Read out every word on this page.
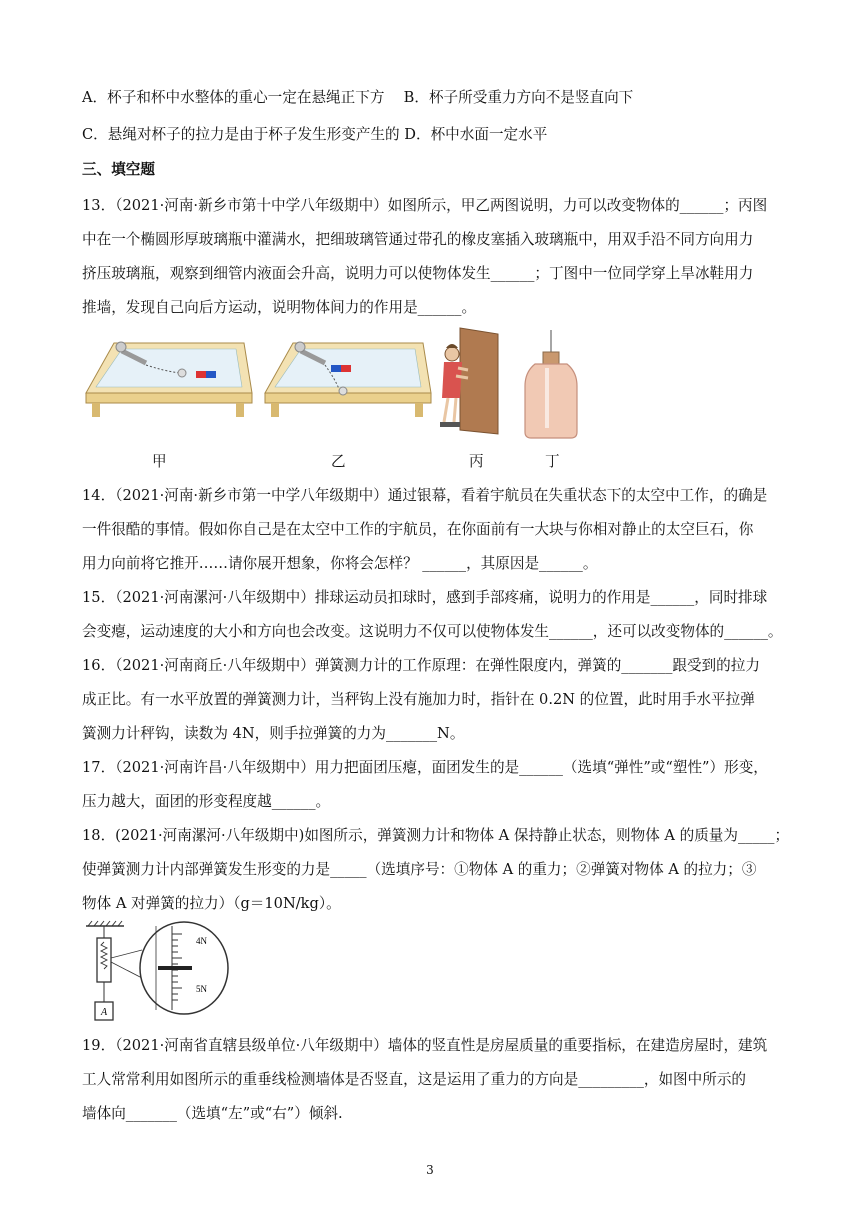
A．杯子和杯中水整体的重心一定在悬绳正下方　 B．杯子所受重力方向不是竖直向下
C．悬绳对杯子的拉力是由于杯子发生形变产生的 D．杯中水面一定水平
三、填空题
13．（2021·河南·新乡市第十中学八年级期中）如图所示，甲乙两图说明，力可以改变物体的______；丙图
中在一个椭圆形厚玻璃瓶中灌满水，把细玻璃管通过带孔的橡皮塞插入玻璃瓶中，用双手沿不同方向用力
挤压玻璃瓶，观察到细管内液面会升高，说明力可以使物体发生______；丁图中一位同学穿上旱冰鞋用力
推墙，发现自己向后方运动，说明物体间力的作用是______。
甲	乙	丙	丁
14．（2021·河南·新乡市第一中学八年级期中）通过银幕，看着宇航员在失重状态下的太空中工作，的确是
一件很酷的事情。假如你自己是在太空中工作的宇航员，在你面前有一大块与你相对静止的太空巨石，你
用力向前将它推开……请你展开想象，你将会怎样？ ______，其原因是______。
15．（2021·河南漯河·八年级期中）排球运动员扣球时，感到手部疼痛，说明力的作用是______，同时排球
会变瘪，运动速度的大小和方向也会改变。这说明力不仅可以使物体发生______，还可以改变物体的______。
16．（2021·河南商丘·八年级期中）弹簧测力计的工作原理：在弹性限度内，弹簧的_______跟受到的拉力
成正比。有一水平放置的弹簧测力计，当秤钩上没有施加力时，指针在 0.2N 的位置，此时用手水平拉弹
簧测力计秤钩，读数为 4N，则手拉弹簧的力为_______N。
17．（2021·河南许昌·八年级期中）用力把面团压瘪，面团发生的是______（选填“弹性”或“塑性”）形变，
压力越大，面团的形变程度越______。
18．(2021·河南漯河·八年级期中)如图所示，弹簧测力计和物体 A 保持静止状态，则物体 A 的质量为_____；
使弹簧测力计内部弹簧发生形变的力是_____（选填序号：①物体 A 的重力；②弹簧对物体 A 的拉力；③
物体 A 对弹簧的拉力）（g＝10N/kg）。
A
4N
5N
19．（2021·河南省直辖县级单位·八年级期中）墙体的竖直性是房屋质量的重要指标，在建造房屋时，建筑
工人常常利用如图所示的重垂线检测墙体是否竖直，这是运用了重力的方向是_________，如图中所示的
墙体向_______（选填“左”或“右”）倾斜.
3
